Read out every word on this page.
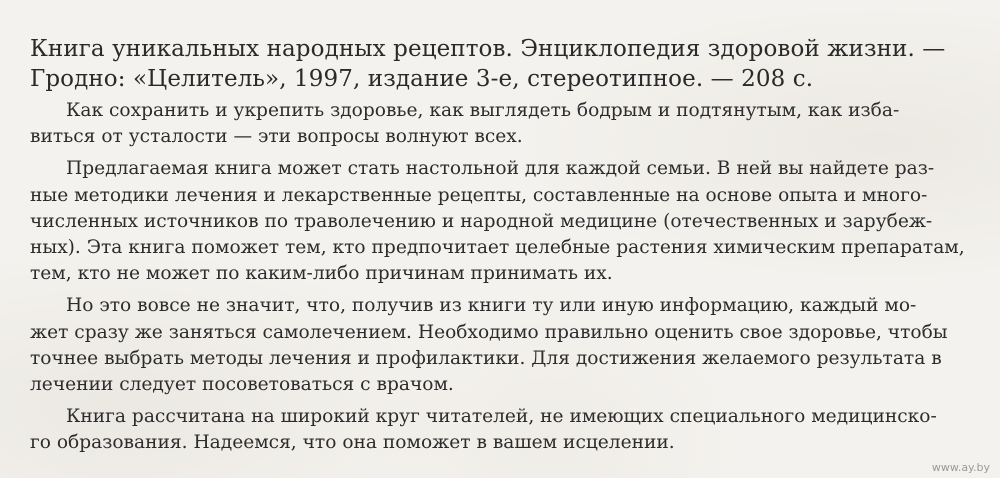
Книга уникальных народных рецептов. Энциклопедия здоровой жизни. —
Гродно: «Целитель», 1997, издание 3-е, стереотипное. — 208 с.
Как сохранить и укрепить здоровье, как выглядеть бодрым и подтянутым, как изба-
виться от усталости — эти вопросы волнуют всех.
Предлагаемая книга может стать настольной для каждой семьи. В ней вы найдете раз-
ные методики лечения и лекарственные рецепты, составленные на основе опыта и много-
численных источников по траволечению и народной медицине (отечественных и зарубеж-
ных). Эта книга поможет тем, кто предпочитает целебные растения химическим препаратам,
тем, кто не может по каким-либо причинам принимать их.
Но это вовсе не значит, что, получив из книги ту или иную информацию, каждый мо-
жет сразу же заняться самолечением. Необходимо правильно оценить свое здоровье, чтобы
точнее выбрать методы лечения и профилактики. Для достижения желаемого результата в
лечении следует посоветоваться с врачом.
Книга рассчитана на широкий круг читателей, не имеющих специального медицинско-
го образования. Надеемся, что она поможет в вашем исцелении.
www.ay.by
